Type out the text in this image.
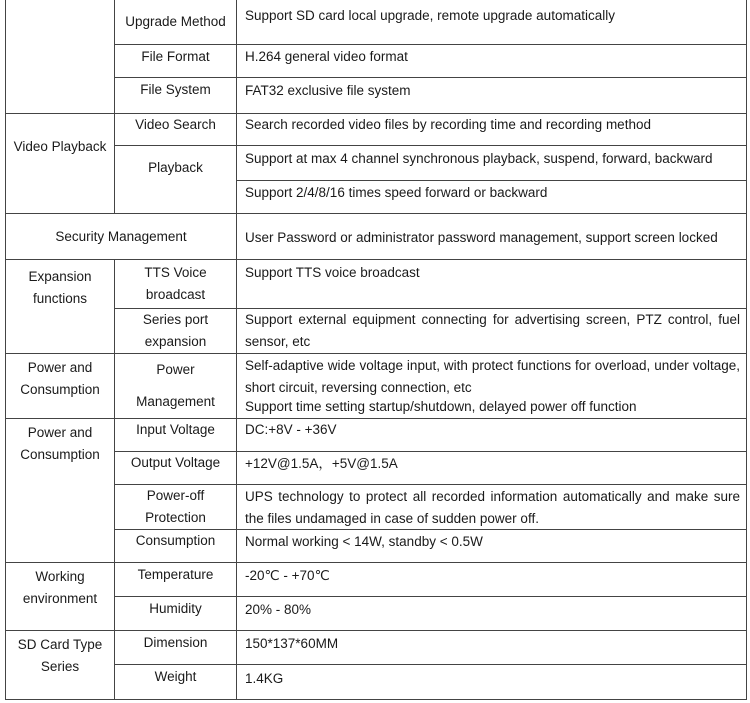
Video Playback
Security Management
Expansion functions
Power and Consumption
Power and Consumption
Working environment
SD Card Type Series
Upgrade Method
File Format
File System
Video Search
Playback
TTS Voice broadcast
Series port expansion
Power Management
Input Voltage
Output Voltage
Power-off Protection
Consumption
Temperature
Humidity
Dimension
Weight
Support SD card local upgrade, remote upgrade automatically
H.264 general video format
FAT32 exclusive file system
Search recorded video files by recording time and recording method
Support at max 4 channel synchronous playback, suspend, forward, backward
Support 2/4/8/16 times speed forward or backward
User Password or administrator password management, support screen locked
Support TTS voice broadcast
Support external equipment connecting for advertising screen, PTZ control, fuel sensor, etc
Self-adaptive wide voltage input, with protect functions for overload, under voltage, short circuit, reversing connection, etc
Support time setting startup/shutdown, delayed power off function
DC:+8V - +36V
+12V@1.5A，+5V@1.5A
UPS technology to protect all recorded information automatically and make sure the files undamaged in case of sudden power off.
Normal working < 14W, standby < 0.5W
-20℃ - +70℃
20% - 80%
150*137*60MM
1.4KG
